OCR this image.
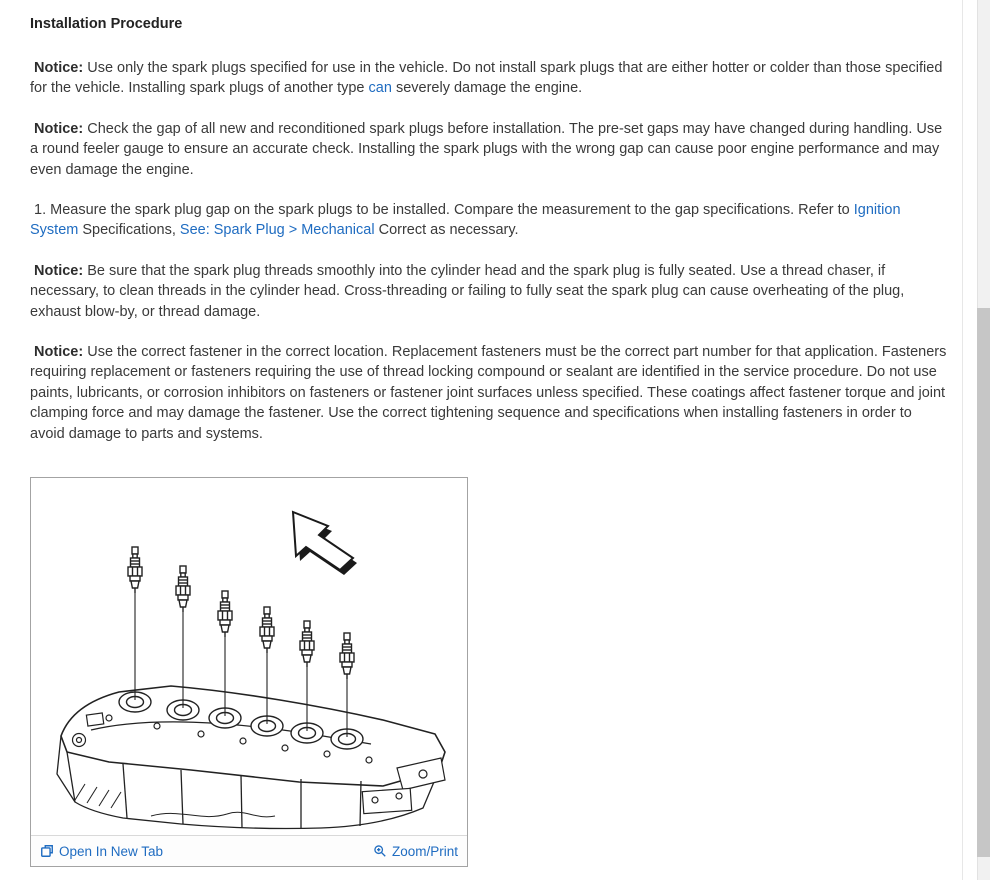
Installation Procedure

Notice: Use only the spark plugs specified for use in the vehicle. Do not install spark plugs that are either hotter or colder than those specified for the vehicle. Installing spark plugs of another type can severely damage the engine.

Notice: Check the gap of all new and reconditioned spark plugs before installation. The pre-set gaps may have changed during handling. Use a round feeler gauge to ensure an accurate check. Installing the spark plugs with the wrong gap can cause poor engine performance and may even damage the engine.

1. Measure the spark plug gap on the spark plugs to be installed. Compare the measurement to the gap specifications. Refer to Ignition System Specifications, See: Spark Plug > Mechanical Correct as necessary.

Notice: Be sure that the spark plug threads smoothly into the cylinder head and the spark plug is fully seated. Use a thread chaser, if necessary, to clean threads in the cylinder head. Cross-threading or failing to fully seat the spark plug can cause overheating of the plug, exhaust blow-by, or thread damage.

Notice: Use the correct fastener in the correct location. Replacement fasteners must be the correct part number for that application. Fasteners requiring replacement or fasteners requiring the use of thread locking compound or sealant are identified in the service procedure. Do not use paints, lubricants, or corrosion inhibitors on fasteners or fastener joint surfaces unless specified. These coatings affect fastener torque and joint clamping force and may damage the fastener. Use the correct tightening sequence and specifications when installing fasteners in order to avoid damage to parts and systems.

Open In New Tab	Zoom/Print
